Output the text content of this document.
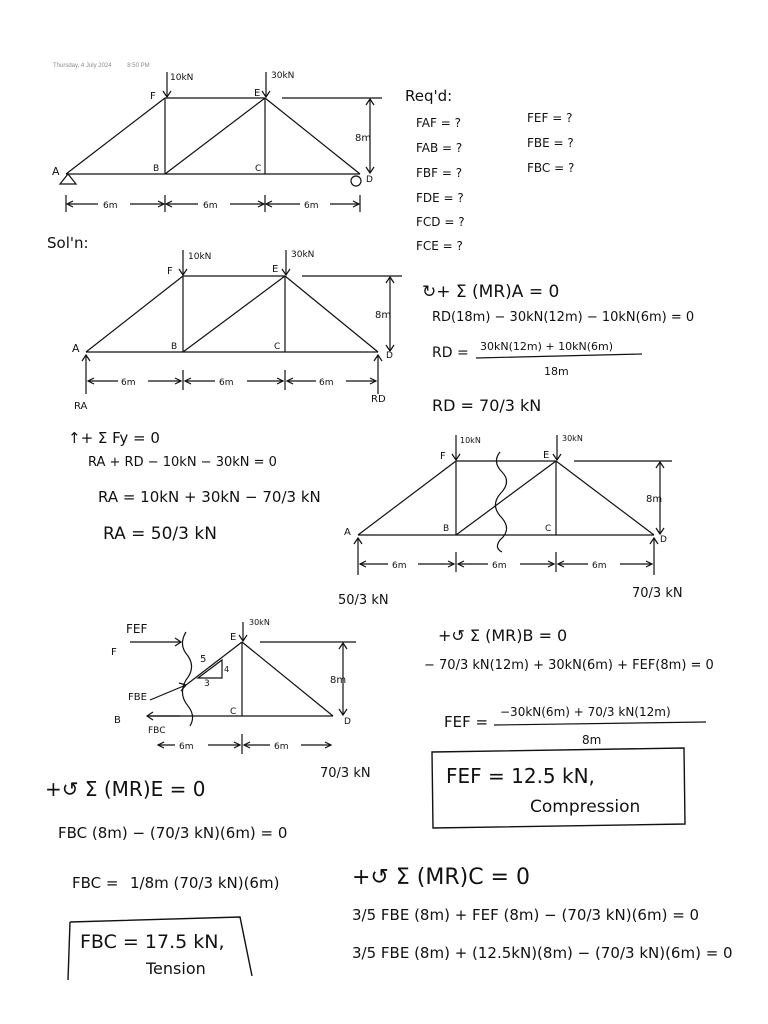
Thursday, 4 July 2024	8:50 PM
A	B	C
D
E
F
10kN	30kN
8m
6m	6m	6m
Req'd:
FAF = ?
FAB = ?
FBF = ?
FDE = ?
FCD = ?
FCE = ?
FEF = ?
FBE = ?
FBC = ?
Sol'n:
A	B	C
D
E
F
10kN	30kN
8m
6m	6m	6m
RA
RD
↻+ Σ (MR)A = 0
RD(18m) − 30kN(12m) − 10kN(6m) = 0
RD = 30kN(12m) + 10kN(6m)
18m
RD = 70/3 kN
↑+ Σ Fy = 0
RA + RD − 10kN − 30kN = 0
RA = 10kN + 30kN − 70/3 kN
RA = 50/3 kN	A	B	C
D
E
F
10kN	30kN
8m
6m	6m	6m
50/3 kN	70/3 kN
FEF
F
FBE
B
FBC
E
C
D
30kN
8m
6m	6m
5
4
3
70/3 kN
+↺ Σ (MR)B = 0
− 70/3 kN(12m) + 30kN(6m) + FEF(8m) = 0
FEF =
−30kN(6m) + 70/3 kN(12m)
8m
FEF = 12.5 kN,
Compression
+↺ Σ (MR)E = 0
FBC (8m) − (70/3 kN)(6m) = 0
FBC = 1/8m (70/3 kN)(6m)
FBC = 17.5 kN,
Tension
+↺ Σ (MR)C = 0
3/5 FBE (8m) + FEF (8m) − (70/3 kN)(6m) = 0
3/5 FBE (8m) + (12.5kN)(8m) − (70/3 kN)(6m) = 0
